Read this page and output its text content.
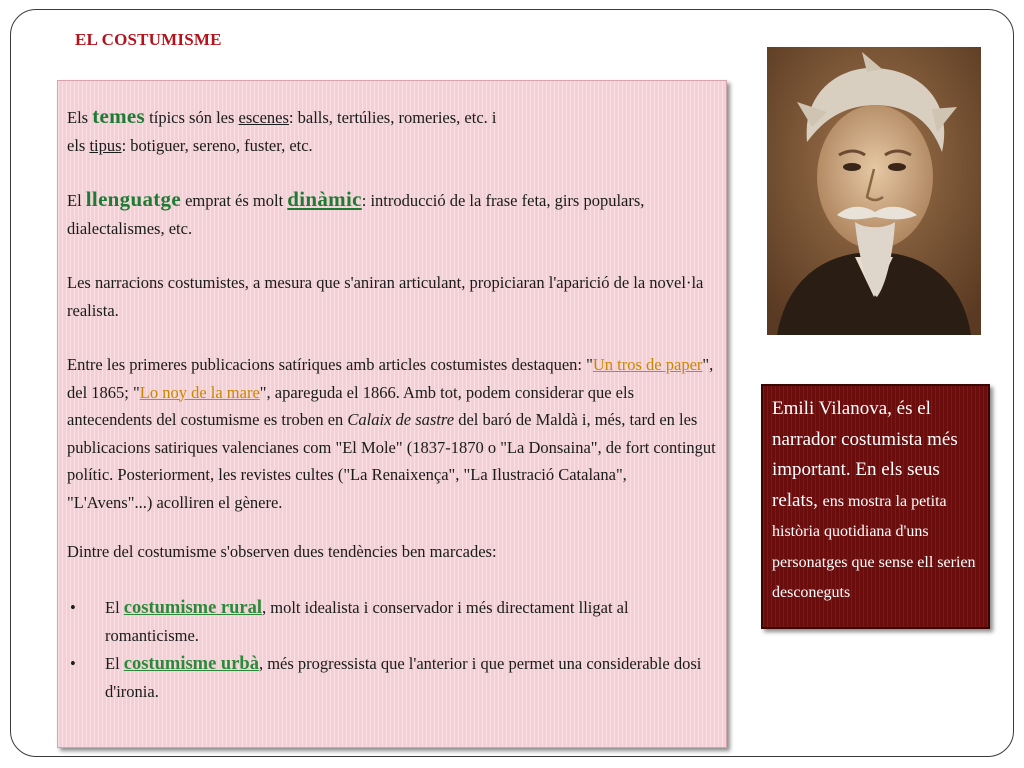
EL COSTUMISME

Els temes típics són les escenes: balls, tertúlies, romeries, etc. i
els tipus: botiguer, sereno, fuster, etc.

El llenguatge emprat és molt dinàmic: introducció de la frase feta, girs populars, dialectalismes, etc.

Les narracions costumistes, a mesura que s'aniran articulant, propiciaran l'aparició de la novel·la realista.

Entre les primeres publicacions satíriques amb articles costumistes destaquen: "Un tros de paper", del 1865; "Lo noy de la mare", apareguda el 1866. Amb tot, podem considerar que els antecendents del costumisme es troben en Calaix de sastre del baró de Maldà i, més, tard en les publicacions satiriques valencianes com "El Mole" (1837-1870 o "La Donsaina", de fort contingut polític. Posteriorment, les revistes cultes ("La Renaixença", "La Ilustració Catalana", "L'Avens"...) acolliren el gènere.

Dintre del costumisme s'observen dues tendències ben marcades:

• El costumisme rural, molt idealista i conservador i més directament lligat al romanticisme.
• El costumisme urbà, més progressista que l'anterior i que permet una considerable dosi d'ironia.
Emili Vilanova, és el narrador costumista més important. En els seus relats, ens mostra la petita història quotidiana d'uns personatges que sense ell serien desconeguts
